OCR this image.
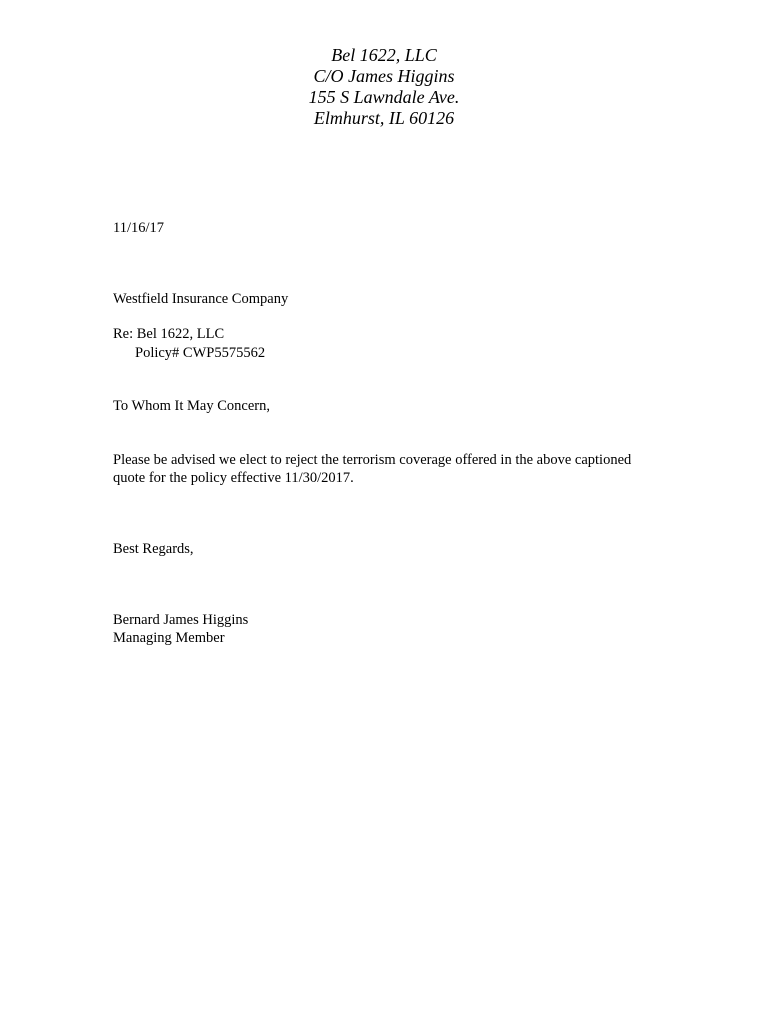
Bel 1622, LLC
C/O James Higgins
155 S Lawndale Ave.
Elmhurst, IL 60126
11/16/17
Westfield Insurance Company
Re: Bel 1622, LLC
Policy# CWP5575562
To Whom It May Concern,
Please be advised we elect to reject the terrorism coverage offered in the above captioned
quote for the policy effective 11/30/2017.
Best Regards,
Bernard James Higgins
Managing Member
